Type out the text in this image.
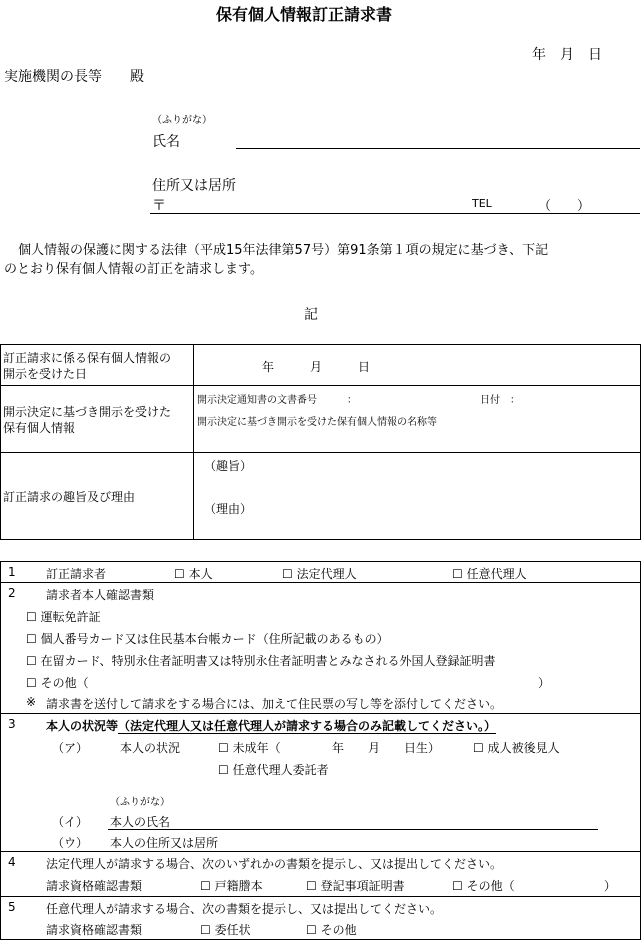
保有個人情報訂正請求書
年　月　日
実施機関の長等　　殿
（ふりがな）
氏名
住所又は居所
〒	TEL	（　　）
個人情報の保護に関する法律（平成15年法律第57号）第91条第１項の規定に基づき、下記
のとおり保有個人情報の訂正を請求します。
記
訂正請求に係る保有個人情報の
開示を受けた日	年　　　月　　　日
開示決定に基づき開示を受けた
保有個人情報
開示決定通知書の文書番号　　　：	日付　：
開示決定に基づき開示を受けた保有個人情報の名称等
訂正請求の趣旨及び理由
（趣旨）
（理由）
1	訂正請求者	☐ 本人	☐ 法定代理人	☐ 任意代理人
2	請求者本人確認書類
☐ 運転免許証
☐ 個人番号カード又は住民基本台帳カード（住所記載のあるもの）
☐ 在留カード、特別永住者証明書又は特別永住者証明書とみなされる外国人登録証明書
☐ その他（	）
※ 請求書を送付して請求をする場合には、加えて住民票の写し等を添付してください。
3	本人の状況等（法定代理人又は任意代理人が請求する場合のみ記載してください。）
（ア）	本人の状況	☐ 未成年（	年　　月　　日生）	☐ 成人被後見人
☐ 任意代理人委託者
（ふりがな）
（イ） 本人の氏名
（ウ） 本人の住所又は居所
4	法定代理人が請求する場合、次のいずれかの書類を提示し、又は提出してください。
請求資格確認書類	☐ 戸籍謄本	☐ 登記事項証明書	☐ その他（	）
5	任意代理人が請求する場合、次の書類を提示し、又は提出してください。
請求資格確認書類	☐ 委任状	☐ その他
